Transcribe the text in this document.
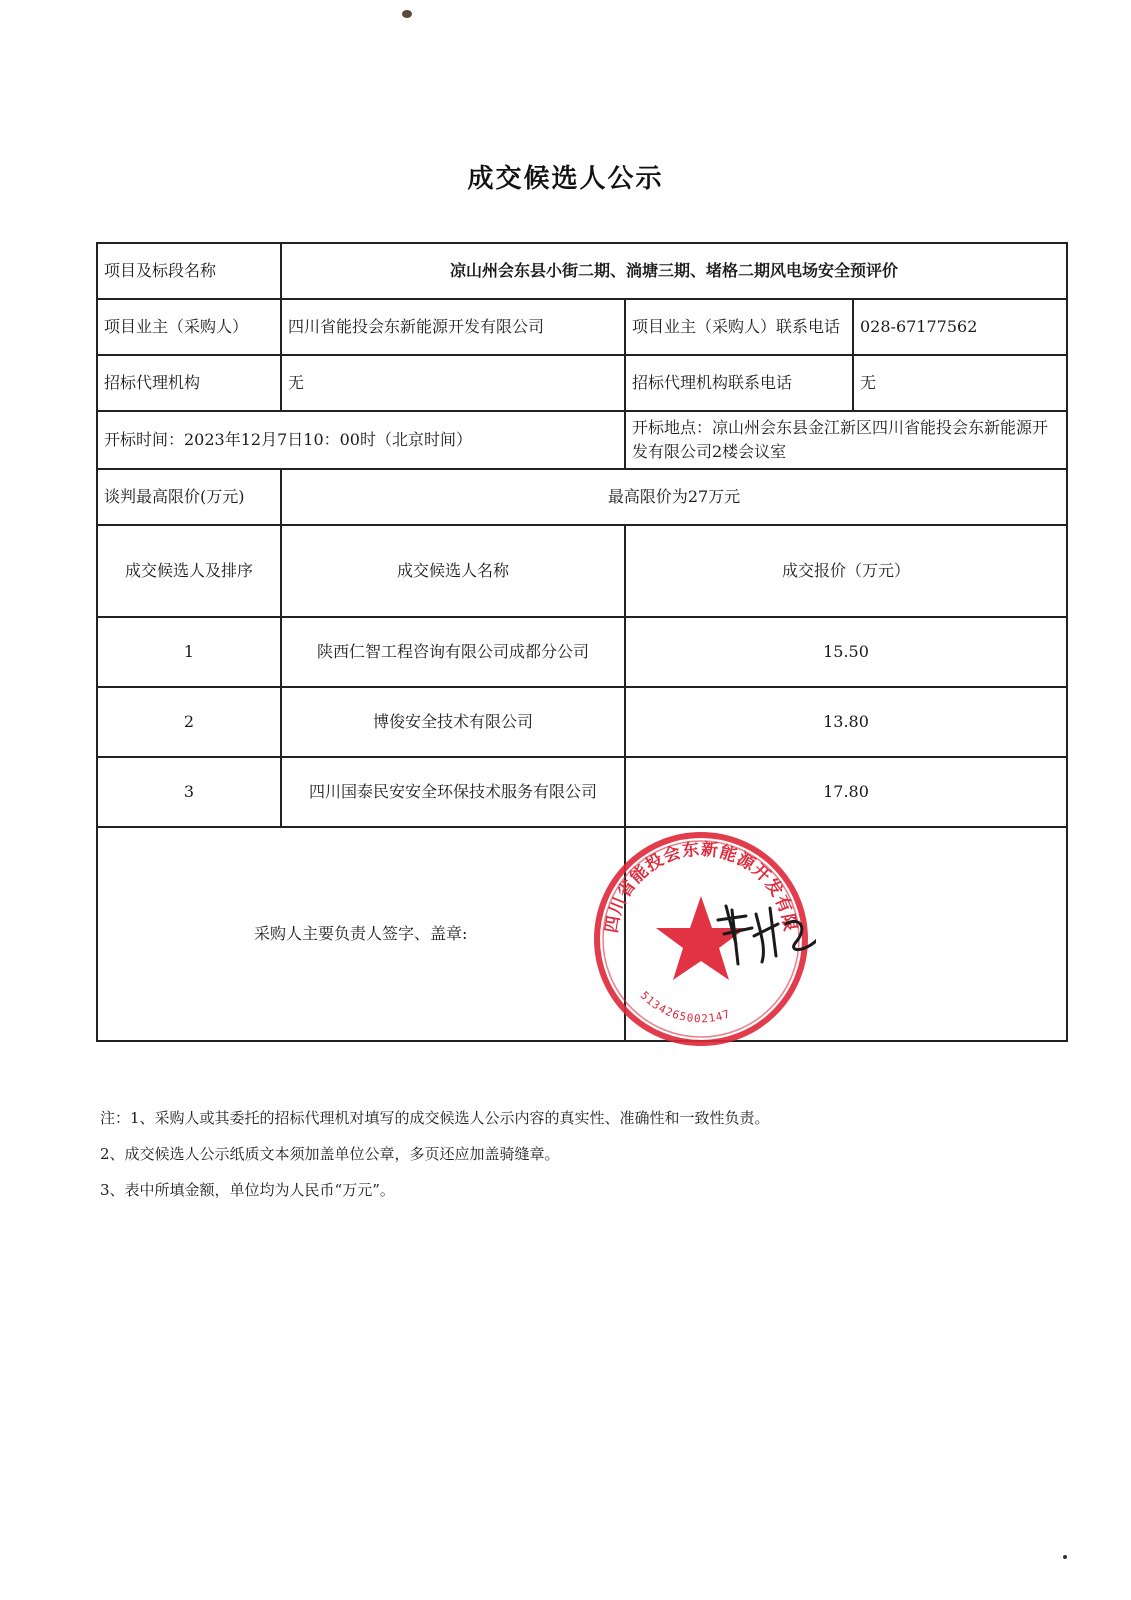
成交候选人公示
项目及标段名称	凉山州会东县小街二期、淌塘三期、堵格二期风电场安全预评价		
项目业主（采购人）	四川省能投会东新能源开发有限公司	项目业主（采购人）联系电话	028-67177562
招标代理机构	无	招标代理机构联系电话	无
开标时间：2023年12月7日10：00时（北京时间）		开标地点：凉山州会东县金江新区四川省能投会东新能源开发有限公司2楼会议室	
谈判最高限价(万元)	最高限价为27万元		
成交候选人及排序	成交候选人名称	成交报价（万元）	
1	陕西仁智工程咨询有限公司成都分公司	15.50	
2	博俊安全技术有限公司	13.80	
3	四川国泰民安安全环保技术服务有限公司	17.80	
采购人主要负责人签字、盖章:		四川省能投会东新能源开发有限
5134265002147	
注：1、采购人或其委托的招标代理机对填写的成交候选人公示内容的真实性、准确性和一致性负责。
2、成交候选人公示纸质文本须加盖单位公章，多页还应加盖骑缝章。
3、表中所填金额，单位均为人民币“万元”。
